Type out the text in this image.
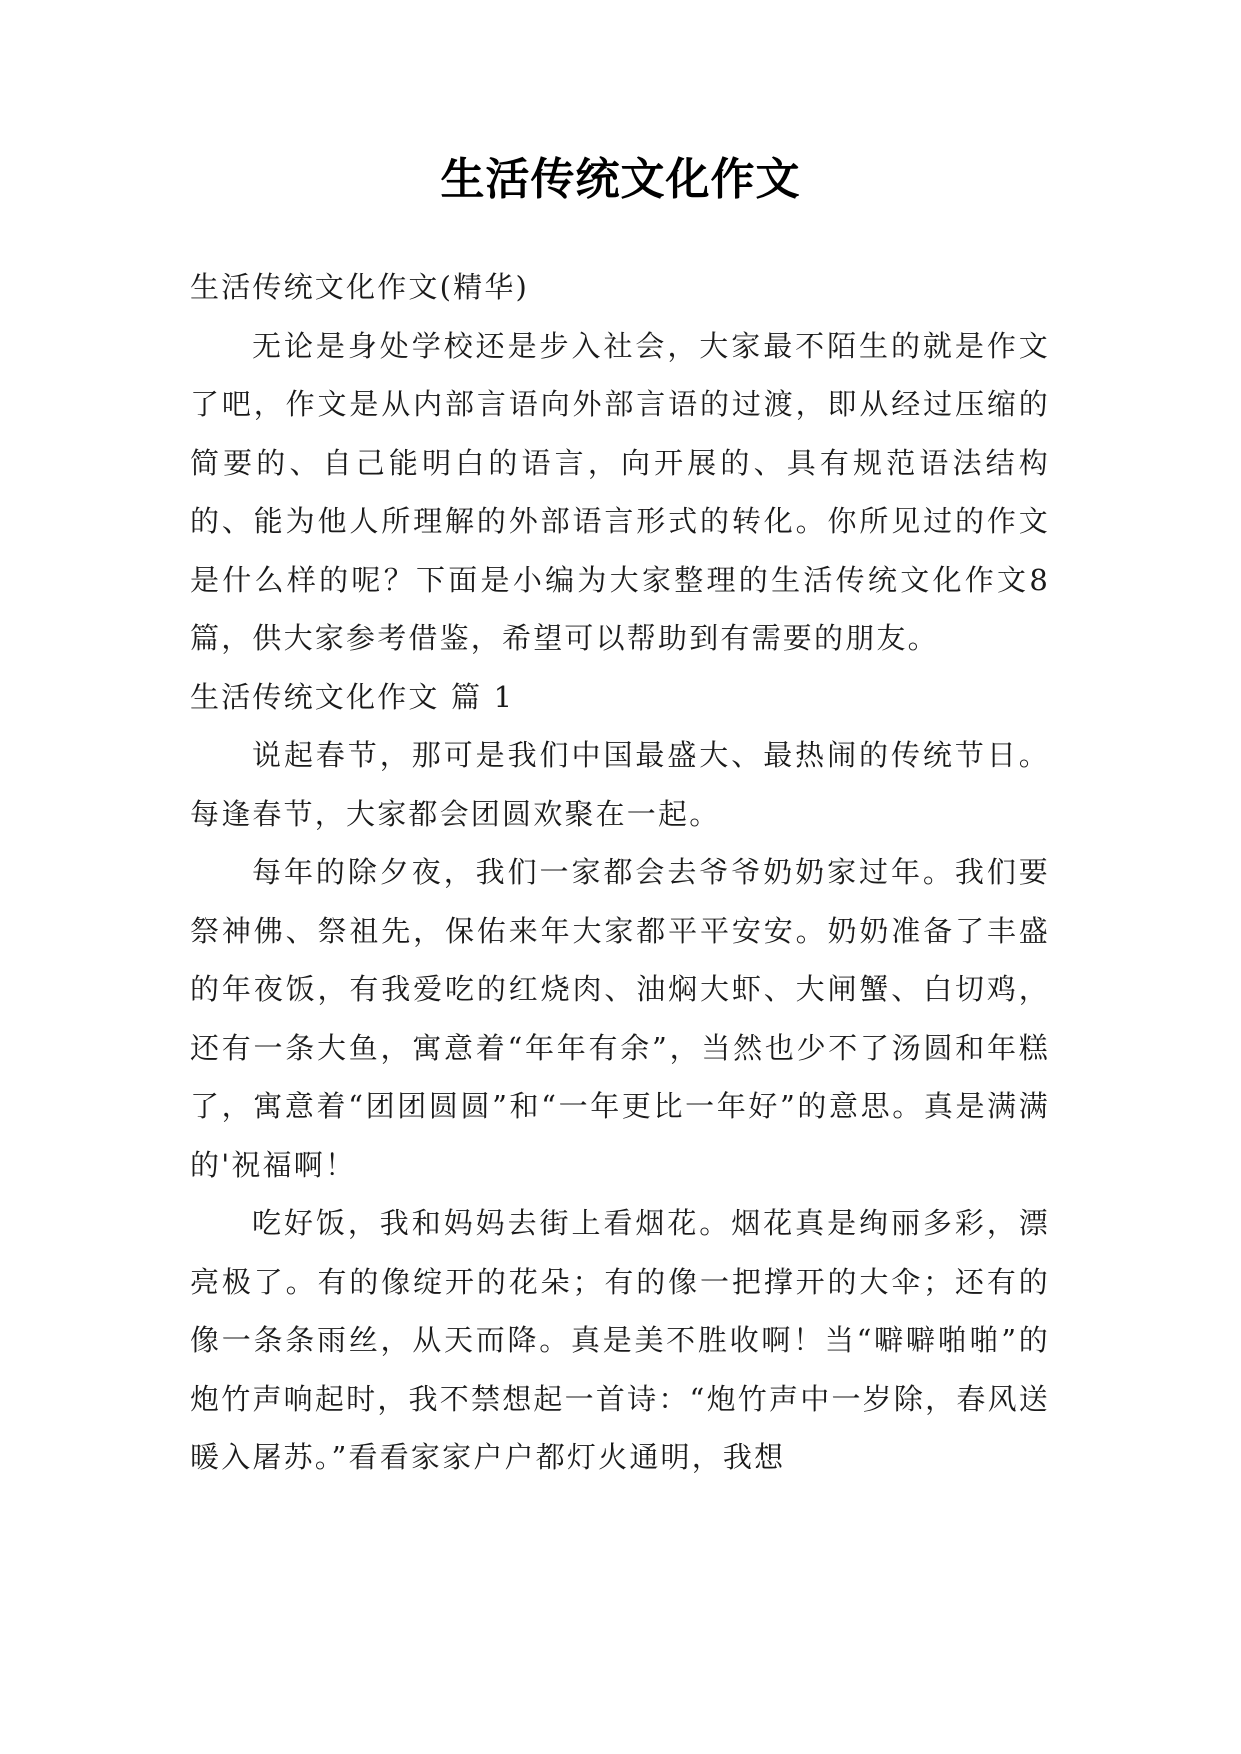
生活传统文化作文

生活传统文化作文(精华)

无论是身处学校还是步入社会，大家最不陌生的就是作文了吧，作文是从内部言语向外部言语的过渡，即从经过压缩的简要的、自己能明白的语言，向开展的、具有规范语法结构的、能为他人所理解的外部语言形式的转化。你所见过的作文是什么样的呢？下面是小编为大家整理的生活传统文化作文8篇，供大家参考借鉴，希望可以帮助到有需要的朋友。

生活传统文化作文 篇 1

说起春节，那可是我们中国最盛大、最热闹的传统节日。每逢春节，大家都会团圆欢聚在一起。

每年的除夕夜，我们一家都会去爷爷奶奶家过年。我们要祭神佛、祭祖先，保佑来年大家都平平安安。奶奶准备了丰盛的年夜饭，有我爱吃的红烧肉、油焖大虾、大闸蟹、白切鸡，还有一条大鱼，寓意着“年年有余”，当然也少不了汤圆和年糕了，寓意着“团团圆圆”和“一年更比一年好”的意思。真是满满的'祝福啊！

吃好饭，我和妈妈去街上看烟花。烟花真是绚丽多彩，漂亮极了。有的像绽开的花朵；有的像一把撑开的大伞；还有的像一条条雨丝，从天而降。真是美不胜收啊！当“噼噼啪啪”的炮竹声响起时，我不禁想起一首诗：“炮竹声中一岁除，春风送暖入屠苏。”看看家家户户都灯火通明，我想
